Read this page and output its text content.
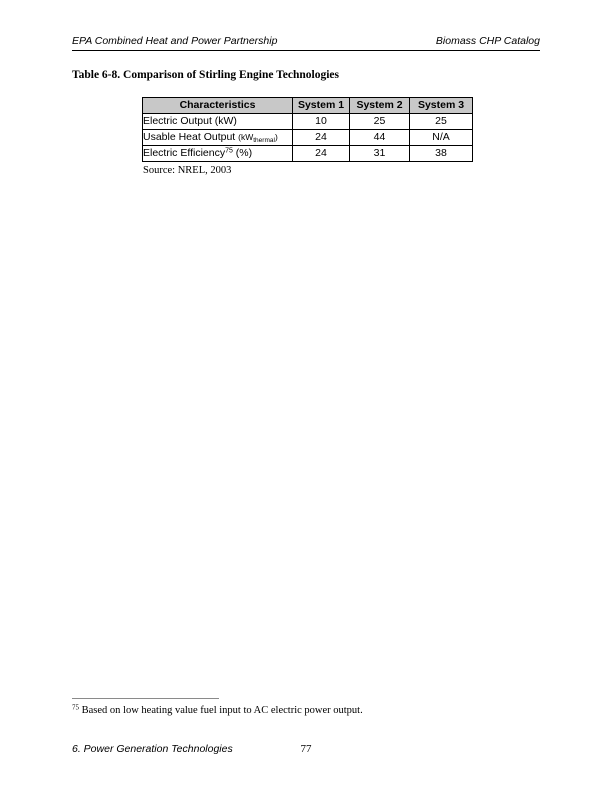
EPA Combined Heat and Power Partnership	Biomass CHP Catalog
Table 6-8. Comparison of Stirling Engine Technologies
Characteristics	System 1	System 2	System 3
Electric Output (kW)	10	25	25
Usable Heat Output $(kW_{thermal})$	24	44	N/A
Electric Efficiency$^{75}$ (%)	24	31	38
Source: NREL, 2003
$^{75}$ Based on low heating value fuel input to AC electric power output.
77
6. Power Generation Technologies
